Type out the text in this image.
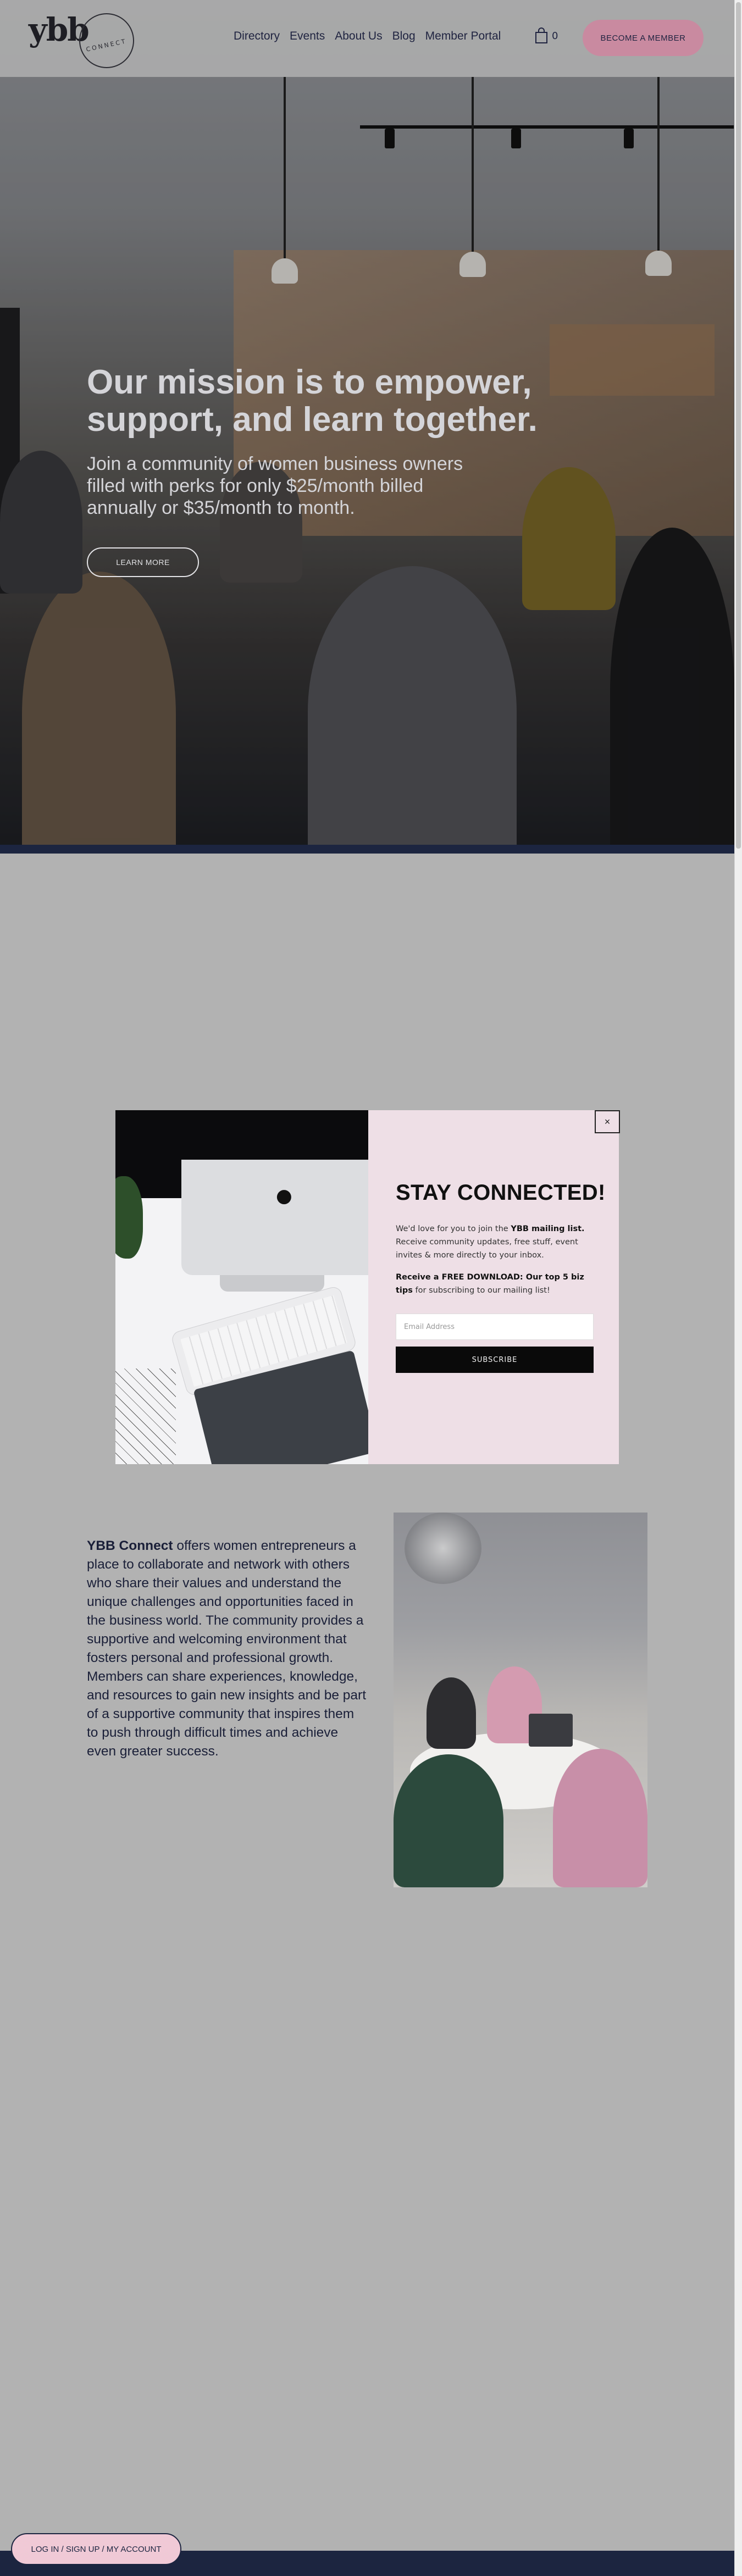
Our mission is to empower, support, and learn together.

Join a community of women business owners filled with perks for only $25/month billed annually or $35/month to month.

LEARN MORE
ybb
CONNECT
Directory Events About Us Blog Member Portal	0	BECOME A MEMBER
●	STAY CONNECTED!

We'd love for you to join the YBB mailing list. Receive community updates, free stuff, event invites & more directly to your inbox.

Receive a FREE DOWNLOAD: Our top 5 biz tips for subscribing to our mailing list!

Email Address
SUBSCRIBE
×

YBB Connect offers women entrepreneurs a place to collaborate and network with others who share their values and understand the unique challenges and opportunities faced in the business world. The community provides a supportive and welcoming environment that fosters personal and professional growth. Members can share experiences, knowledge, and resources to gain new insights and be part of a supportive community that inspires them to push through difficult times and achieve even greater success.

LOG IN / SIGN UP / MY ACCOUNT
